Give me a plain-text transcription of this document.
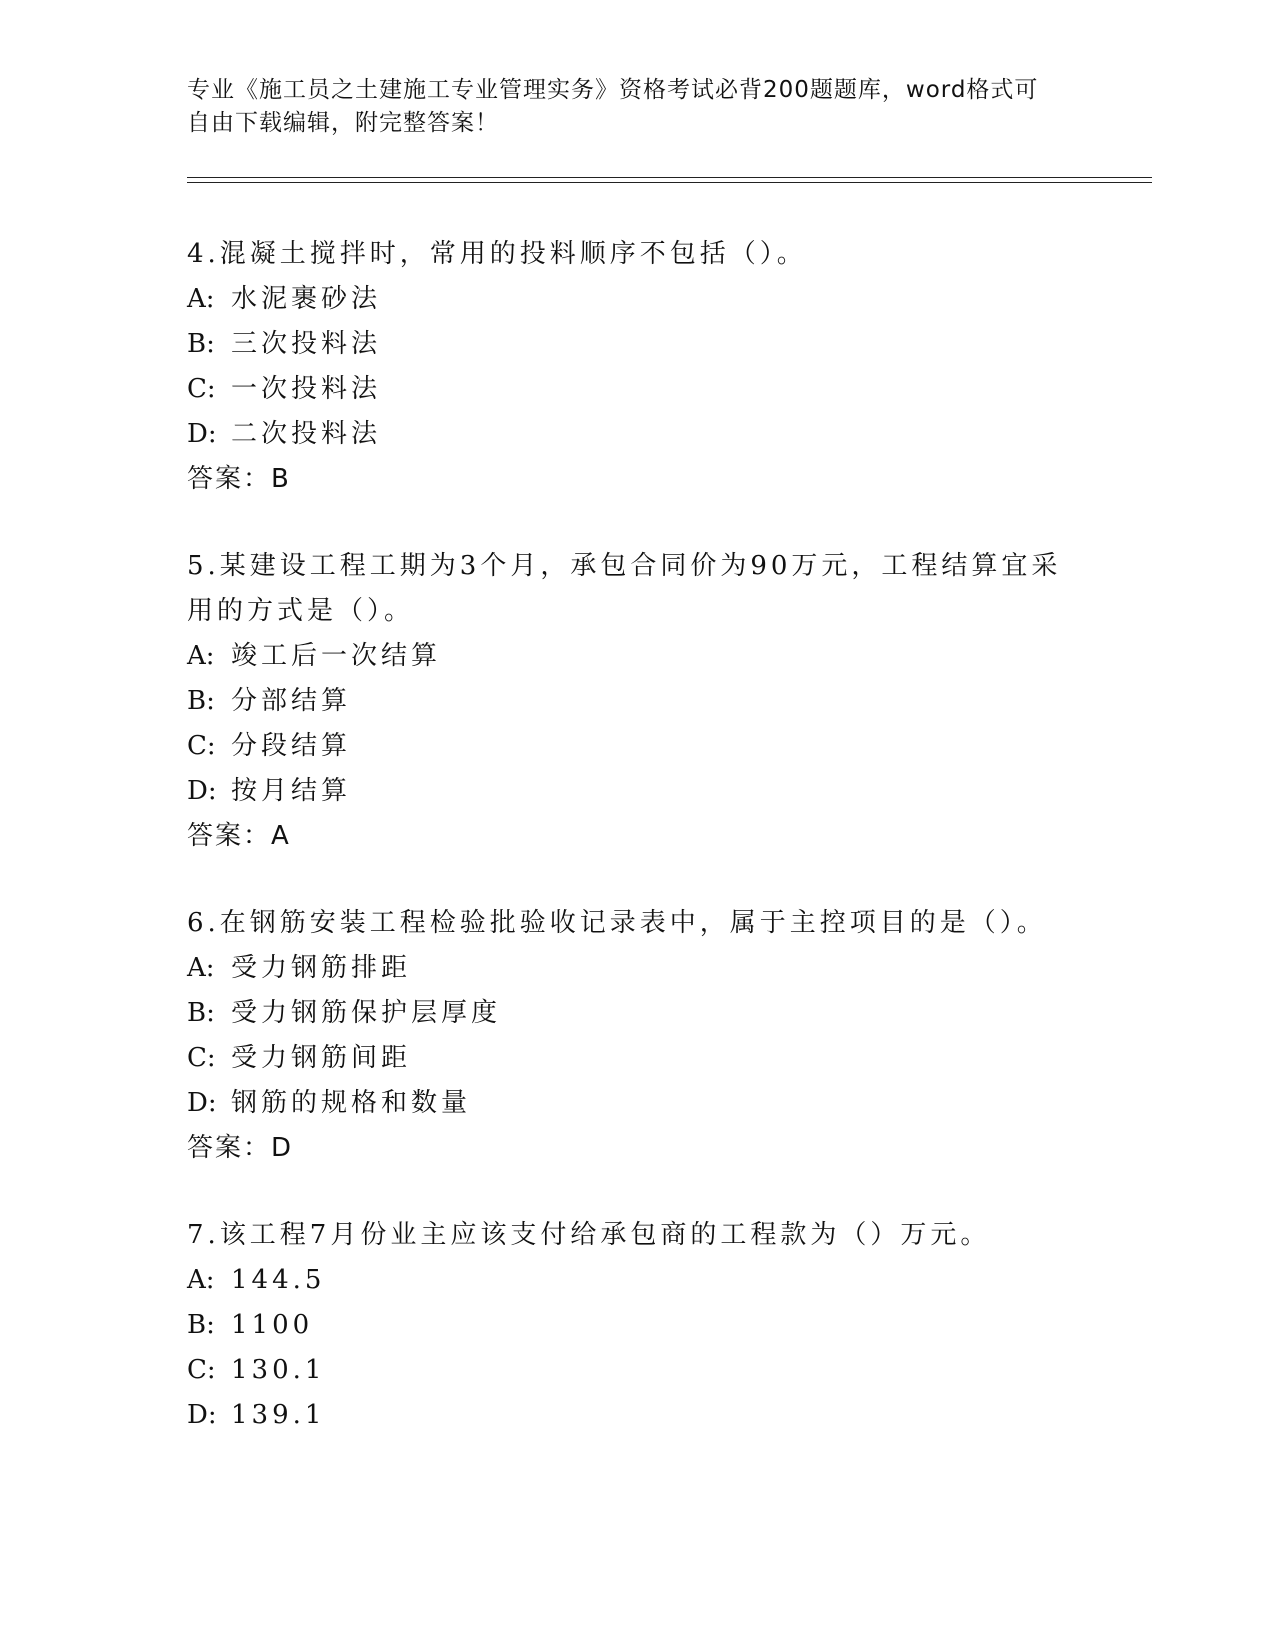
专业《施工员之土建施工专业管理实务》资格考试必背200题题库，word格式可
自由下载编辑，附完整答案！

4.混凝土搅拌时，常用的投料顺序不包括（）。

A: 水泥裹砂法

B: 三次投料法

C: 一次投料法

D: 二次投料法

答案：B

5.某建设工程工期为3个月，承包合同价为90万元，工程结算宜采用的方式是（）。

A: 竣工后一次结算

B: 分部结算

C: 分段结算

D: 按月结算

答案：A

6.在钢筋安装工程检验批验收记录表中，属于主控项目的是（）。

A: 受力钢筋排距

B: 受力钢筋保护层厚度

C: 受力钢筋间距

D: 钢筋的规格和数量

答案：D

7.该工程7月份业主应该支付给承包商的工程款为（）万元。

A: 144.5

B: 1100

C: 130.1

D: 139.1
